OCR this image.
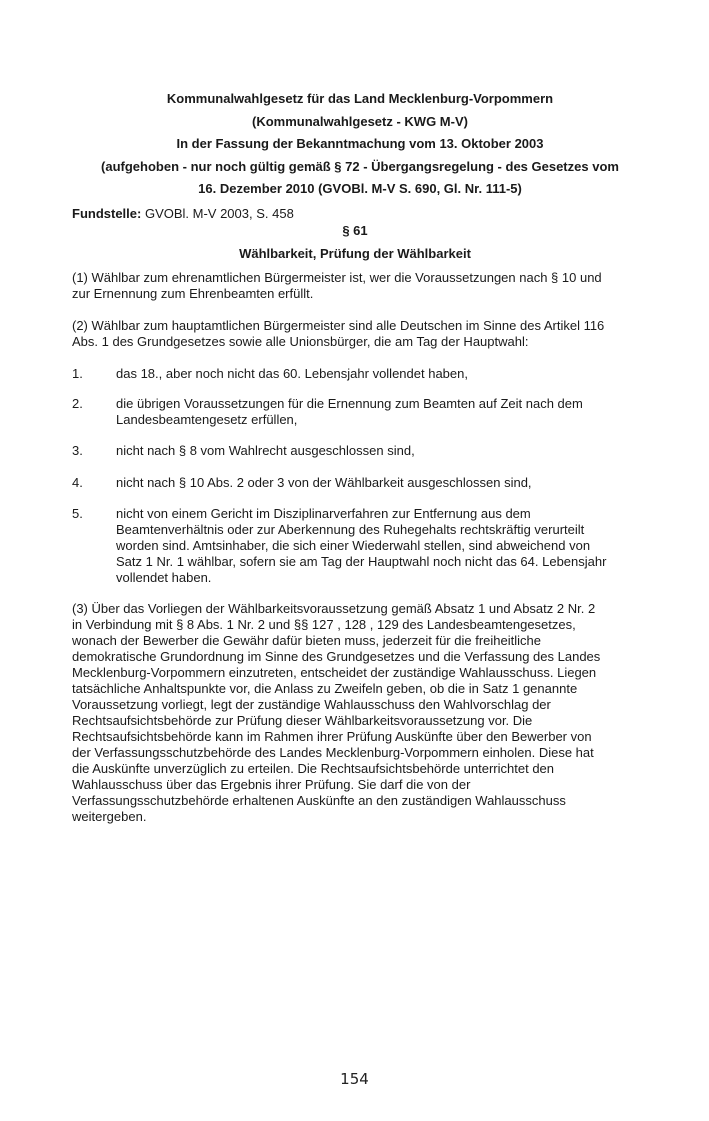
Kommunalwahlgesetz für das Land Mecklenburg-Vorpommern
(Kommunalwahlgesetz - KWG M-V)
In der Fassung der Bekanntmachung vom 13. Oktober 2003
(aufgehoben - nur noch gültig gemäß § 72 - Übergangsregelung - des Gesetzes vom
16. Dezember 2010 (GVOBl. M-V S. 690, Gl. Nr. 111-5)
Fundstelle: GVOBl. M-V 2003, S. 458
§ 61
Wählbarkeit, Prüfung der Wählbarkeit
(1) Wählbar zum ehrenamtlichen Bürgermeister ist, wer die Voraussetzungen nach § 10 und
zur Ernennung zum Ehrenbeamten erfüllt.
(2) Wählbar zum hauptamtlichen Bürgermeister sind alle Deutschen im Sinne des Artikel 116
Abs. 1 des Grundgesetzes sowie alle Unionsbürger, die am Tag der Hauptwahl:
1.	das 18., aber noch nicht das 60. Lebensjahr vollendet haben,
2.	die übrigen Voraussetzungen für die Ernennung zum Beamten auf Zeit nach dem
Landesbeamtengesetz erfüllen,
3.	nicht nach § 8 vom Wahlrecht ausgeschlossen sind,
4.	nicht nach § 10 Abs. 2 oder 3 von der Wählbarkeit ausgeschlossen sind,
5.	nicht von einem Gericht im Disziplinarverfahren zur Entfernung aus dem
Beamtenverhältnis oder zur Aberkennung des Ruhegehalts rechtskräftig verurteilt
worden sind. Amtsinhaber, die sich einer Wiederwahl stellen, sind abweichend von
Satz 1 Nr. 1 wählbar, sofern sie am Tag der Hauptwahl noch nicht das 64. Lebensjahr
vollendet haben.
(3) Über das Vorliegen der Wählbarkeitsvoraussetzung gemäß Absatz 1 und Absatz 2 Nr. 2
in Verbindung mit § 8 Abs. 1 Nr. 2 und §§ 127 , 128 , 129 des Landesbeamtengesetzes,
wonach der Bewerber die Gewähr dafür bieten muss, jederzeit für die freiheitliche
demokratische Grundordnung im Sinne des Grundgesetzes und die Verfassung des Landes
Mecklenburg-Vorpommern einzutreten, entscheidet der zuständige Wahlausschuss. Liegen
tatsächliche Anhaltspunkte vor, die Anlass zu Zweifeln geben, ob die in Satz 1 genannte
Voraussetzung vorliegt, legt der zuständige Wahlausschuss den Wahlvorschlag der
Rechtsaufsichtsbehörde zur Prüfung dieser Wählbarkeitsvoraussetzung vor. Die
Rechtsaufsichtsbehörde kann im Rahmen ihrer Prüfung Auskünfte über den Bewerber von
der Verfassungsschutzbehörde des Landes Mecklenburg-Vorpommern einholen. Diese hat
die Auskünfte unverzüglich zu erteilen. Die Rechtsaufsichtsbehörde unterrichtet den
Wahlausschuss über das Ergebnis ihrer Prüfung. Sie darf die von der
Verfassungsschutzbehörde erhaltenen Auskünfte an den zuständigen Wahlausschuss
weitergeben.
154
